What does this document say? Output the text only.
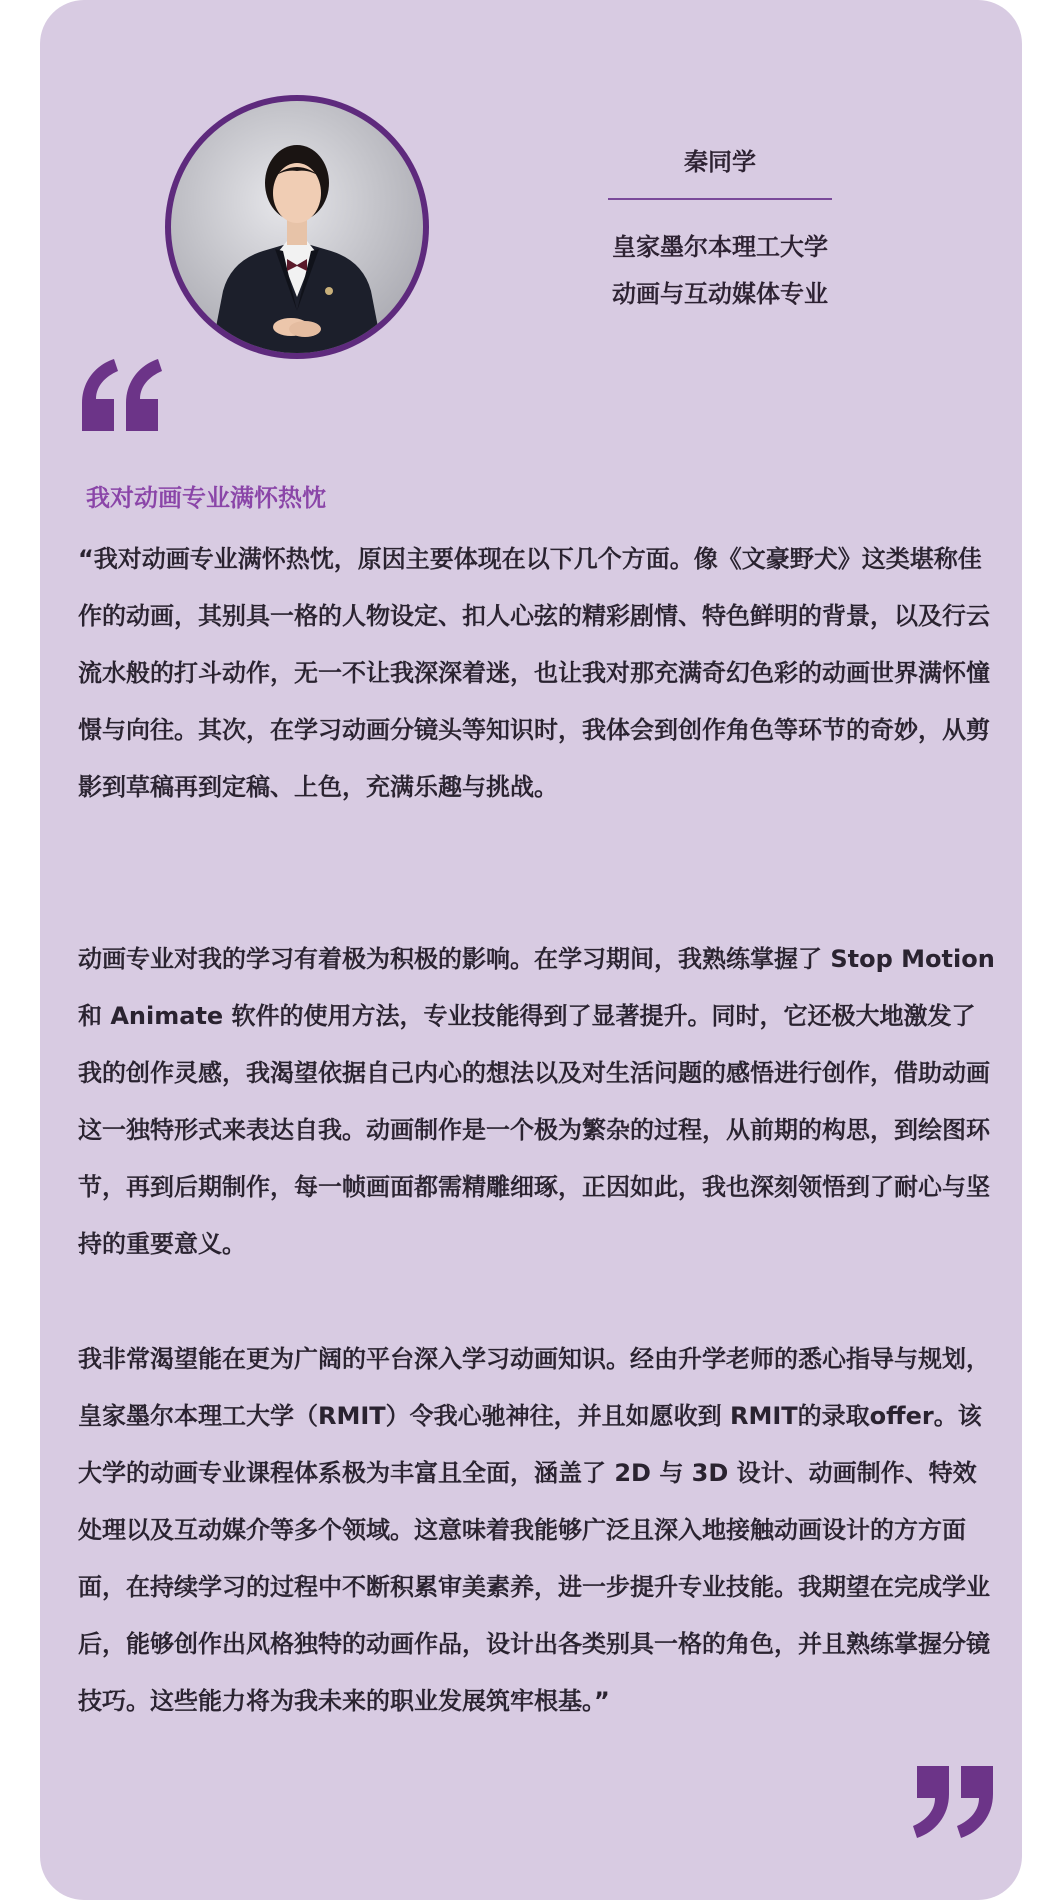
秦同学
皇家墨尔本理工大学
动画与互动媒体专业
我对动画专业满怀热忱

“我对动画专业满怀热忱，原因主要体现在以下几个方面。像《文豪野犬》这类堪称佳作的动画，其别具一格的人物设定、扣人心弦的精彩剧情、特色鲜明的背景，以及行云流水般的打斗动作，无一不让我深深着迷，也让我对那充满奇幻色彩的动画世界满怀憧憬与向往。其次，在学习动画分镜头等知识时，我体会到创作角色等环节的奇妙，从剪影到草稿再到定稿、上色，充满乐趣与挑战。

动画专业对我的学习有着极为积极的影响。在学习期间，我熟练掌握了 Stop Motion 和 Animate 软件的使用方法，专业技能得到了显著提升。同时，它还极大地激发了我的创作灵感，我渴望依据自己内心的想法以及对生活问题的感悟进行创作，借助动画这一独特形式来表达自我。动画制作是一个极为繁杂的过程，从前期的构思，到绘图环节，再到后期制作，每一帧画面都需精雕细琢，正因如此，我也深刻领悟到了耐心与坚持的重要意义。

我非常渴望能在更为广阔的平台深入学习动画知识。经由升学老师的悉心指导与规划，皇家墨尔本理工大学（RMIT）令我心驰神往，并且如愿收到 RMIT的录取offer。该大学的动画专业课程体系极为丰富且全面，涵盖了 2D 与 3D 设计、动画制作、特效处理以及互动媒介等多个领域。这意味着我能够广泛且深入地接触动画设计的方方面面，在持续学习的过程中不断积累审美素养，进一步提升专业技能。我期望在完成学业后，能够创作出风格独特的动画作品，设计出各类别具一格的角色，并且熟练掌握分镜技巧。这些能力将为我未来的职业发展筑牢根基。”
